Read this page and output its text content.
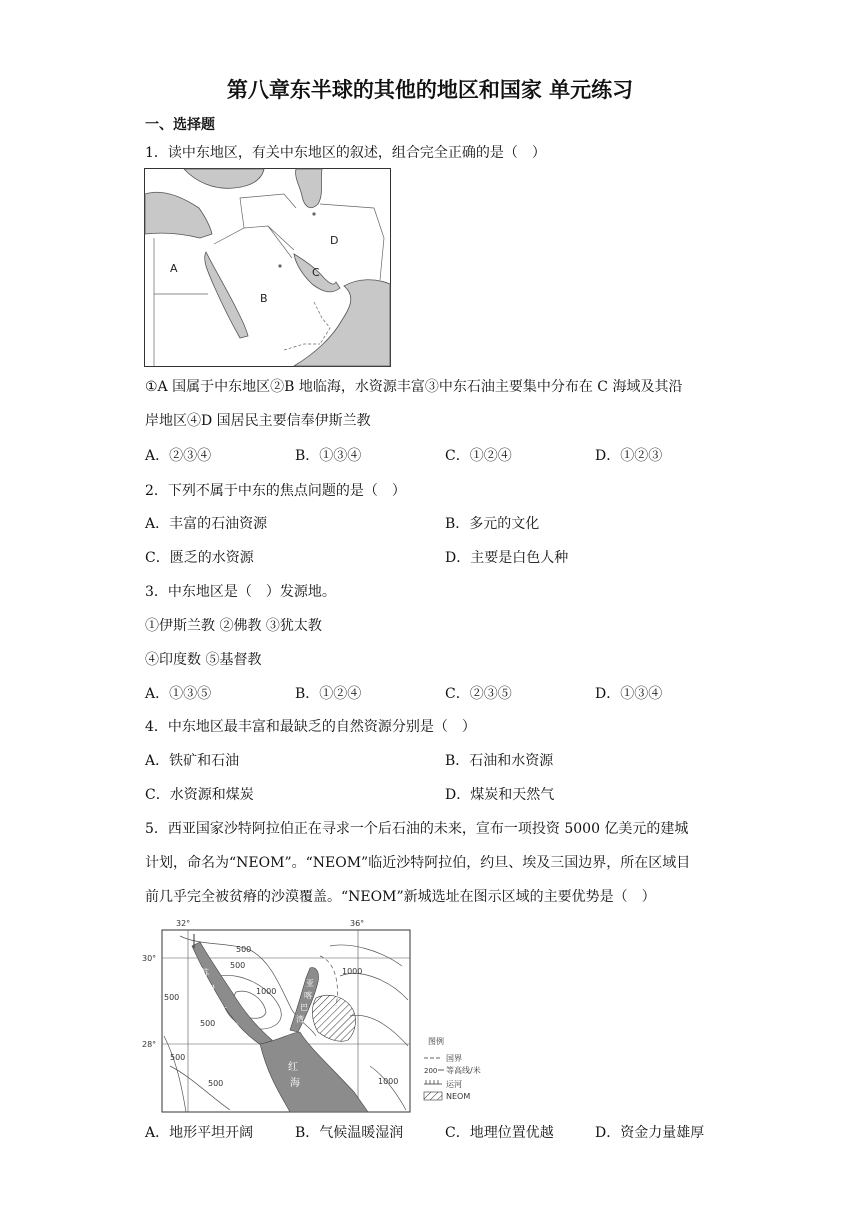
第八章东半球的其他的地区和国家 单元练习
一、选择题
1．读中东地区，有关中东地区的叙述，组合完全正确的是（　）
A
B
C
D
①A 国属于中东地区②B 地临海，水资源丰富③中东石油主要集中分布在 C 海域及其沿
岸地区④D 国居民主要信奉伊斯兰教
A．②③④	B．①③④	C．①②④	D．①②③
2．下列不属于中东的焦点问题的是（　）
A．丰富的石油资源	B．多元的文化
C．匮乏的水资源	D．主要是白色人种
3．中东地区是（　）发源地。
①伊斯兰教 ②佛教 ③犹太教
④印度数 ⑤基督教
A．①③⑤	B．①②④	C．②③⑤	D．①③④
4．中东地区最丰富和最缺乏的自然资源分别是（　）
A．铁矿和石油	B．石油和水资源
C．水资源和煤炭	D．煤炭和天然气
5．西亚国家沙特阿拉伯正在寻求一个后石油的未来，宣布一项投资 5000 亿美元的建城
计划，命名为“NEOM”。“NEOM”临近沙特阿拉伯，约旦、埃及三国边界，所在区域目
前几乎完全被贫瘠的沙漠覆盖。“NEOM”新城选址在图示区域的主要优势是（　）
32°	36°
30°
28°
500
500
500
500
500
500
1000
1000
1000
苏
伊
士
运
亚
喀
巴
湾
红
海
图例
国界
200 等高线/米
运河
NEOM
A．地形平坦开阔	B．气候温暖湿润	C．地理位置优越	D．资金力量雄厚
